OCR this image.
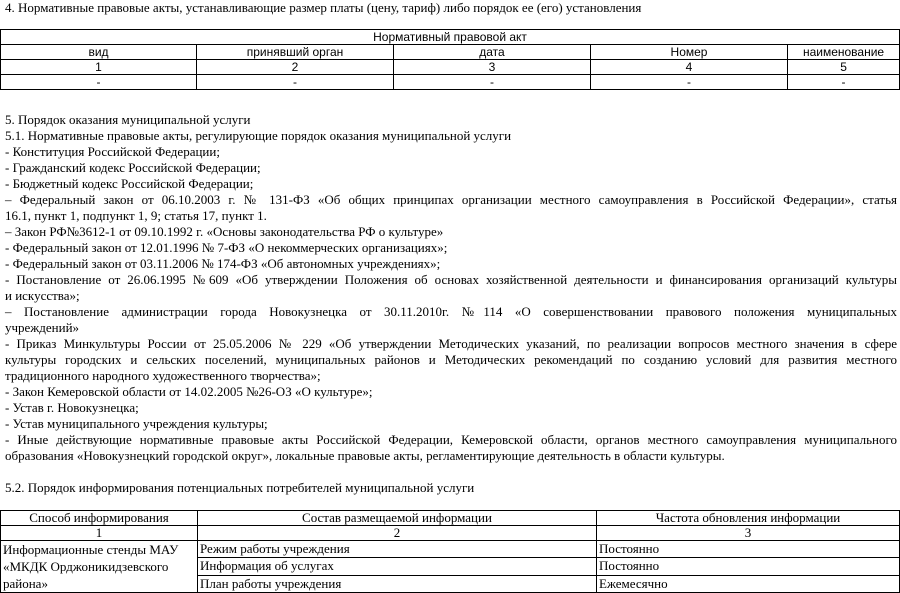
4. Нормативные правовые акты, устанавливающие размер платы (цену, тариф) либо порядок ее (его) установления
Нормативный правовой акт				
вид	принявший орган	дата	Номер	наименование
1	2	3	4	5
-	-	-	-	-
5. Порядок оказания муниципальной услуги
5.1. Нормативные правовые акты, регулирующие порядок оказания муниципальной услуги
- Конституция Российской Федерации;
- Гражданский кодекс Российской Федерации;
- Бюджетный кодекс Российской Федерации;
– Федеральный закон от 06.10.2003 г. № 131-ФЗ «Об общих принципах организации местного самоуправления в Российской Федерации», статья
16.1, пункт 1, подпункт 1, 9; статья 17, пункт 1.
– Закон РФ№3612-1 от 09.10.1992 г. «Основы законодательства РФ о культуре»
- Федеральный закон от 12.01.1996 № 7-ФЗ «О некоммерческих организациях»;
- Федеральный закон от 03.11.2006 № 174-ФЗ «Об автономных учреждениях»;
- Постановление от 26.06.1995 №609 «Об утверждении Положения об основах хозяйственной деятельности и финансирования организаций культуры
и искусства»;
– Постановление администрации города Новокузнецка от 30.11.2010г. №114 «О совершенствовании правового положения муниципальных
учреждений»
- Приказ Минкультуры России от 25.05.2006 № 229 «Об утверждении Методических указаний, по реализации вопросов местного значения в сфере
культуры городских и сельских поселений, муниципальных районов и Методических рекомендаций по созданию условий для развития местного
традиционного народного художественного творчества»;
- Закон Кемеровской области от 14.02.2005 №26-ОЗ «О культуре»;
- Устав г. Новокузнецка;
- Устав муниципального учреждения культуры;
- Иные действующие нормативные правовые акты Российской Федерации, Кемеровской области, органов местного самоуправления муниципального
образования «Новокузнецкий городской округ», локальные правовые акты, регламентирующие деятельность в области культуры.
5.2. Порядок информирования потенциальных потребителей муниципальной услуги
Способ информирования	Состав размещаемой информации	Частота обновления информации
1	2	3
Информационные стенды МАУ «МКДК Орджоникидзевского района»	Режим работы учреждения	Постоянно
	Информация об услугах	Постоянно
	План работы учреждения	Ежемесячно
